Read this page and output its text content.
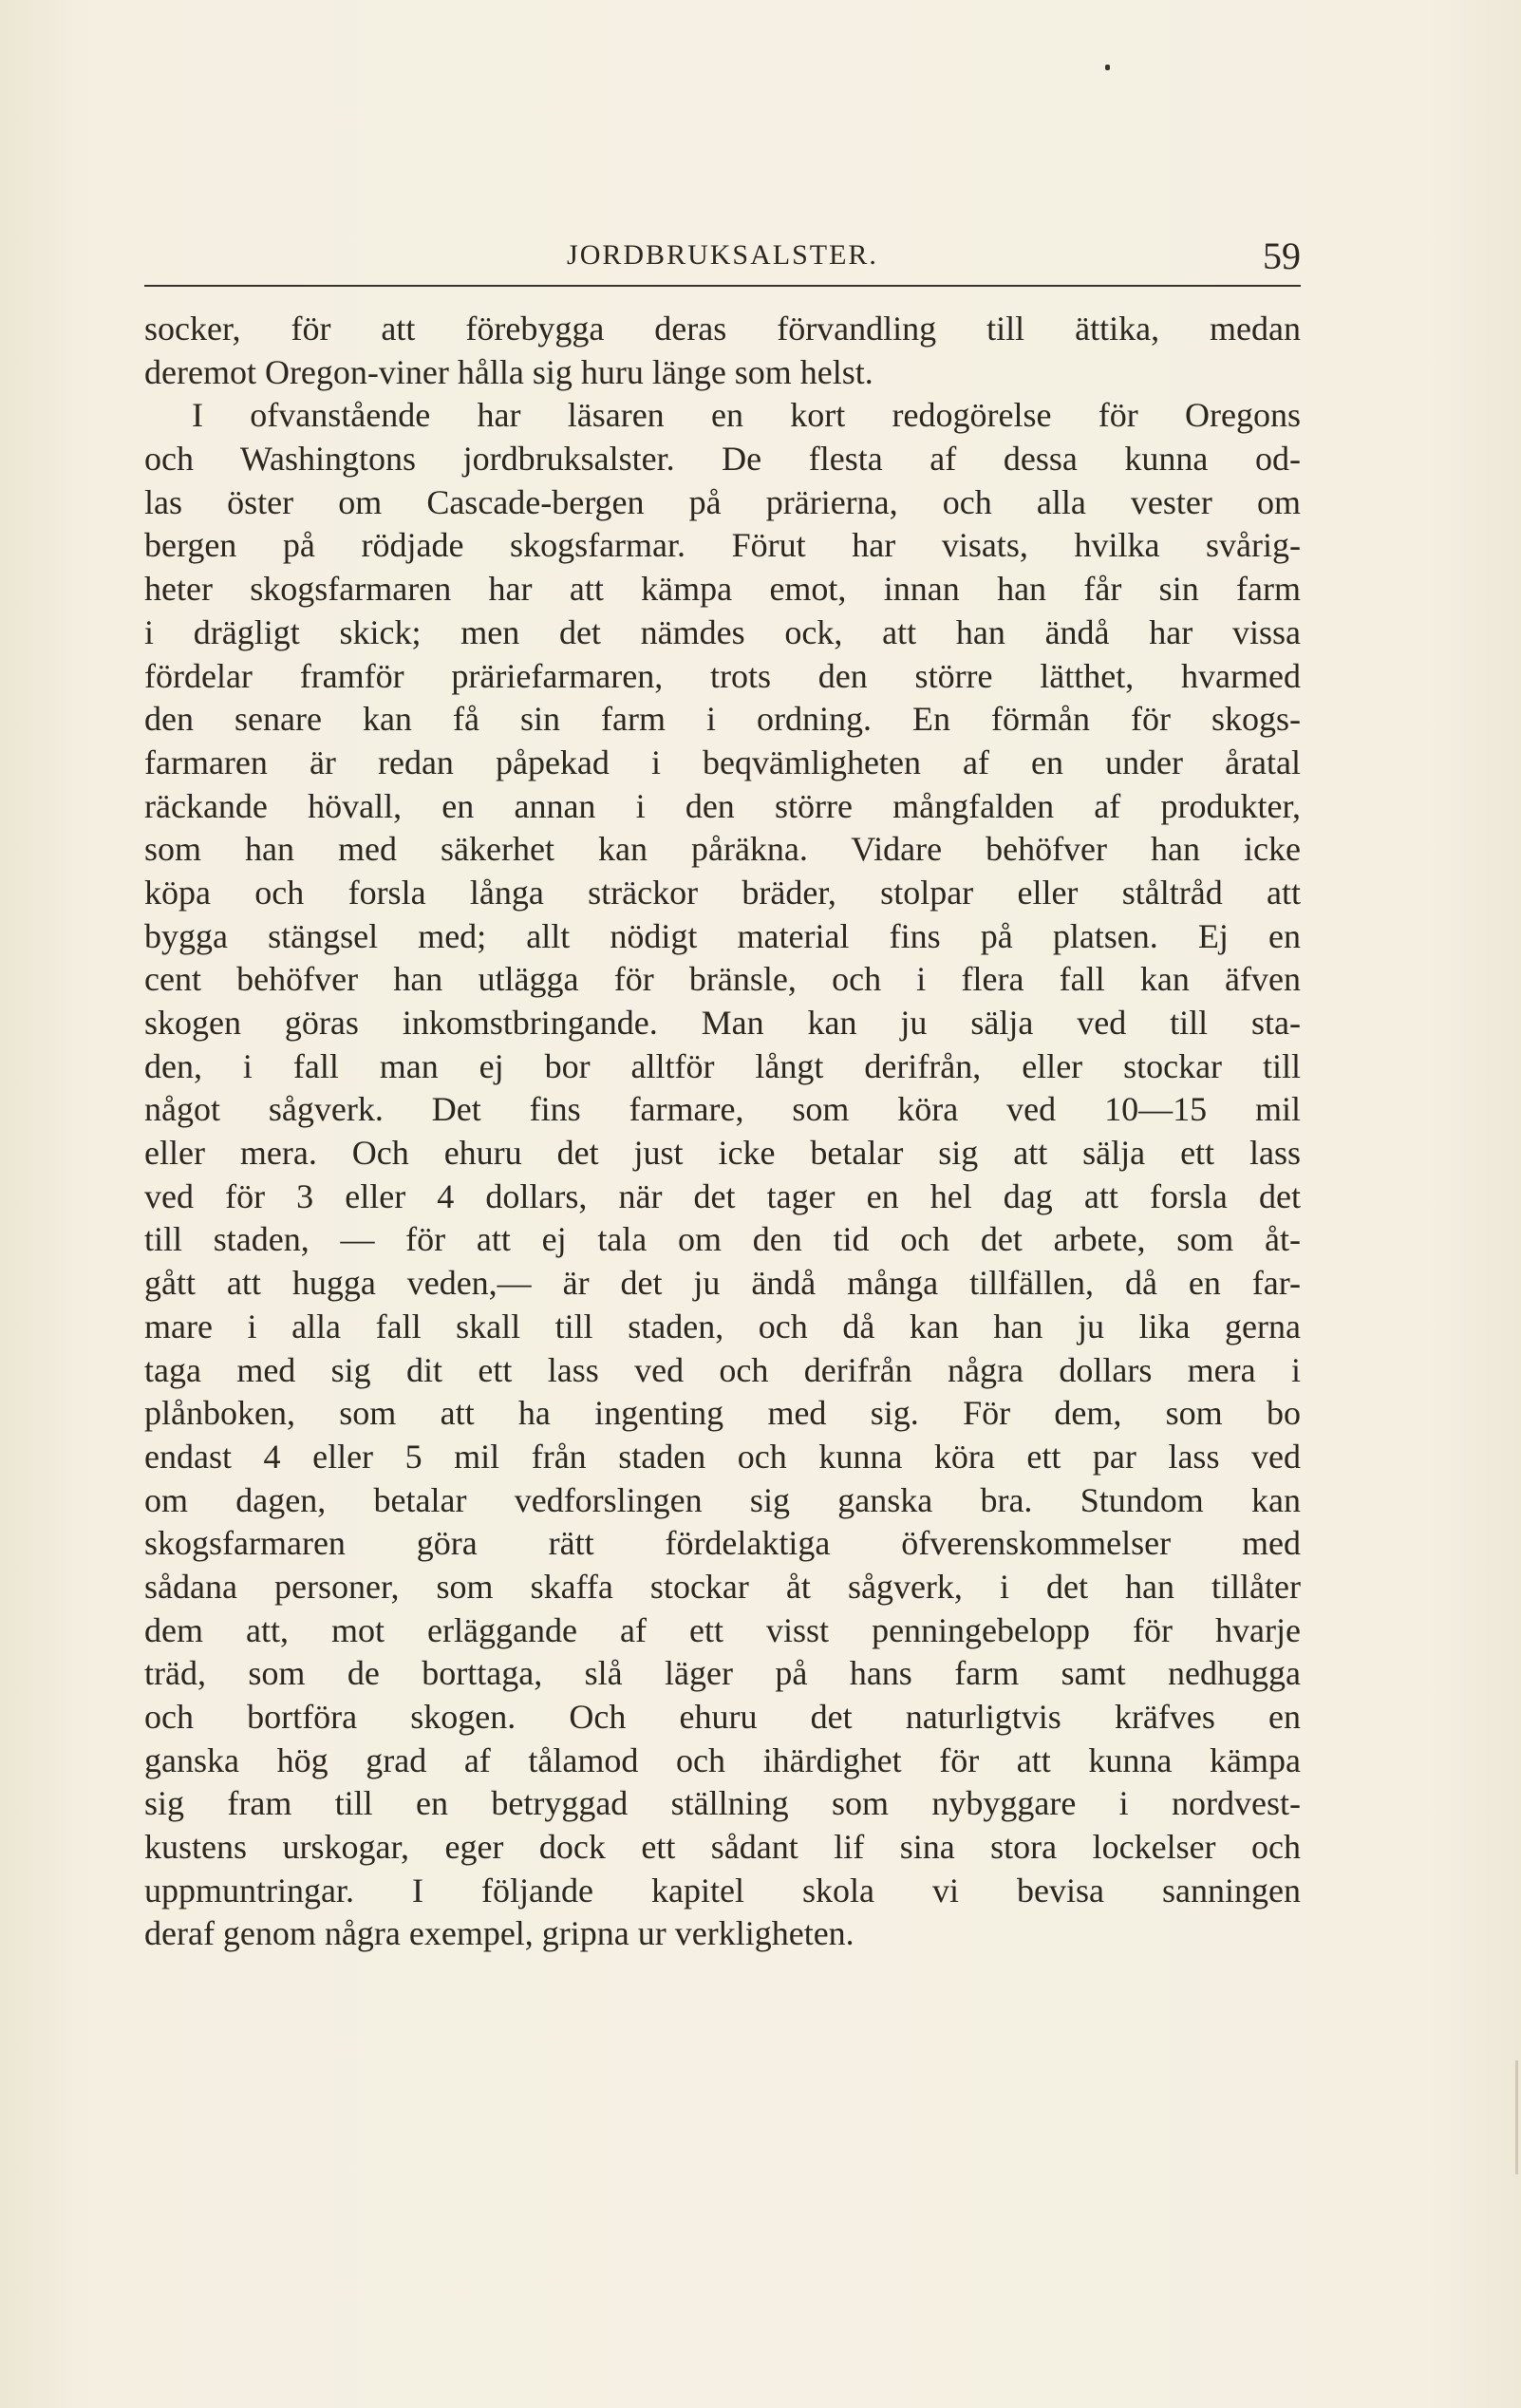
JORDBRUKSALSTER.	59
socker, för att förebygga deras förvandling till ättika, medan
deremot Oregon-viner hålla sig huru länge som helst.
I ofvanstående har läsaren en kort redogörelse för Oregons
och Washingtons jordbruksalster. De flesta af dessa kunna od-
las öster om Cascade-bergen på prärierna, och alla vester om
bergen på rödjade skogsfarmar. Förut har visats, hvilka svårig-
heter skogsfarmaren har att kämpa emot, innan han får sin farm
i drägligt skick; men det nämdes ock, att han ändå har vissa
fördelar framför präriefarmaren, trots den större lätthet, hvarmed
den senare kan få sin farm i ordning. En förmån för skogs-
farmaren är redan påpekad i beqvämligheten af en under åratal
räckande hövall, en annan i den större mångfalden af produkter,
som han med säkerhet kan påräkna. Vidare behöfver han icke
köpa och forsla långa sträckor bräder, stolpar eller ståltråd att
bygga stängsel med; allt nödigt material fins på platsen. Ej en
cent behöfver han utlägga för bränsle, och i flera fall kan äfven
skogen göras inkomstbringande. Man kan ju sälja ved till sta-
den, i fall man ej bor alltför långt derifrån, eller stockar till
något sågverk. Det fins farmare, som köra ved 10—15 mil
eller mera. Och ehuru det just icke betalar sig att sälja ett lass
ved för 3 eller 4 dollars, när det tager en hel dag att forsla det
till staden, — för att ej tala om den tid och det arbete, som åt-
gått att hugga veden,— är det ju ändå många tillfällen, då en far-
mare i alla fall skall till staden, och då kan han ju lika gerna
taga med sig dit ett lass ved och derifrån några dollars mera i
plånboken, som att ha ingenting med sig. För dem, som bo
endast 4 eller 5 mil från staden och kunna köra ett par lass ved
om dagen, betalar vedforslingen sig ganska bra. Stundom kan
skogsfarmaren göra rätt fördelaktiga öfverenskommelser med
sådana personer, som skaffa stockar åt sågverk, i det han tillåter
dem att, mot erläggande af ett visst penningebelopp för hvarje
träd, som de borttaga, slå läger på hans farm samt nedhugga
och bortföra skogen. Och ehuru det naturligtvis kräfves en
ganska hög grad af tålamod och ihärdighet för att kunna kämpa
sig fram till en betryggad ställning som nybyggare i nordvest-
kustens urskogar, eger dock ett sådant lif sina stora lockelser och
uppmuntringar. I följande kapitel skola vi bevisa sanningen
deraf genom några exempel, gripna ur verkligheten.
